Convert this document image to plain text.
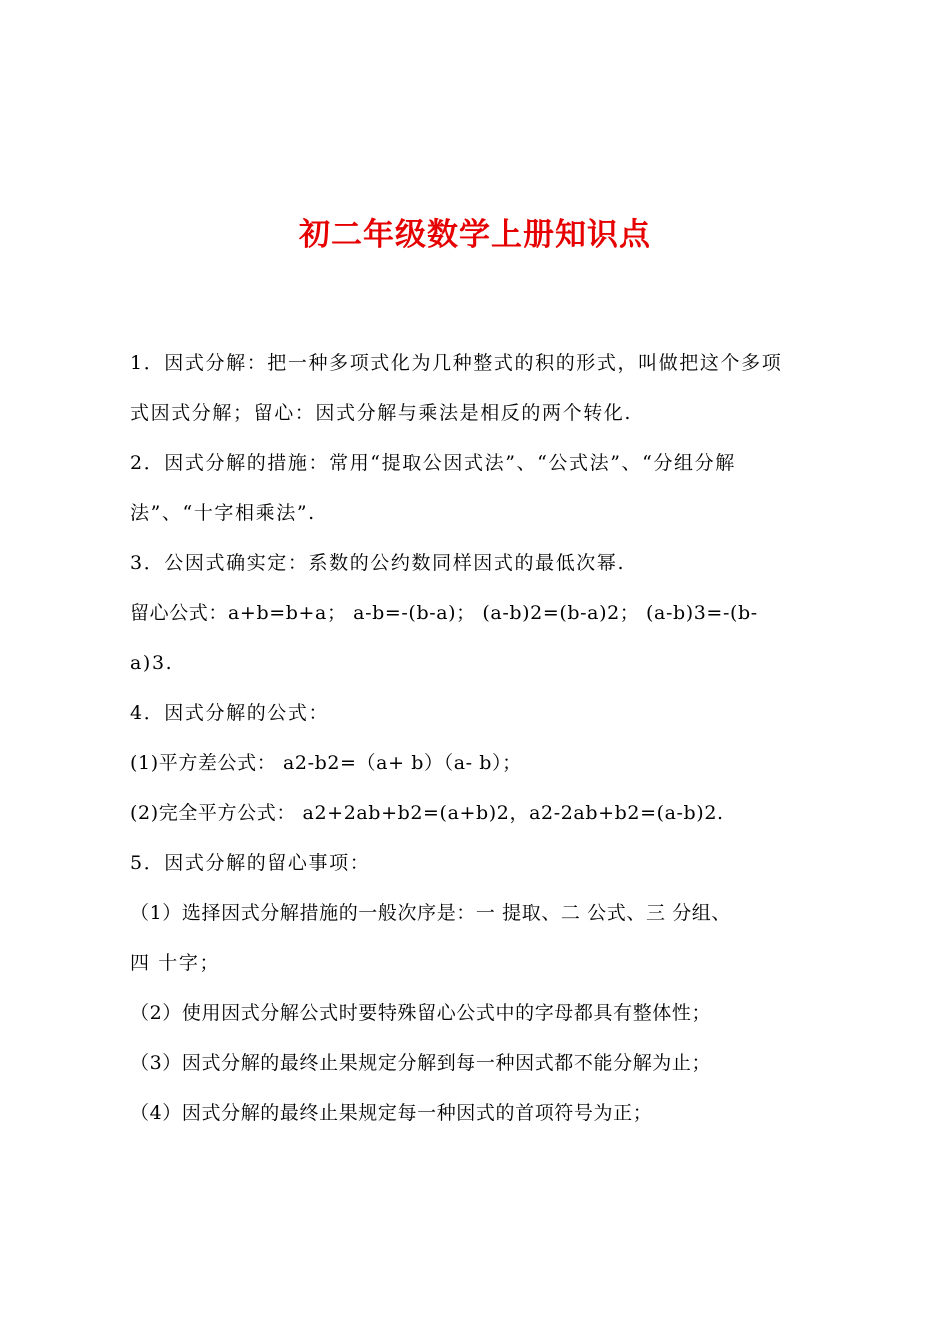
初二年级数学上册知识点
1．因式分解：把一种多项式化为几种整式的积的形式，叫做把这个多项
式因式分解；留心：因式分解与乘法是相反的两个转化.
2．因式分解的措施：常用“提取公因式法”、“公式法”、“分组分解
法”、“十字相乘法”.
3．公因式确实定：系数的公约数同样因式的最低次幂.
留心公式：a+b=b+a； a-b=-(b-a)； (a-b)2=(b-a)2； (a-b)3=-(b-
a)3.
4．因式分解的公式：
(1)平方差公式： a2-b2=（a+ b）（a- b）；
(2)完全平方公式： a2+2ab+b2=(a+b)2，a2-2ab+b2=(a-b)2.
5．因式分解的留心事项：
（1）选择因式分解措施的一般次序是：一 提取、二 公式、三 分组、
四 十字；
（2）使用因式分解公式时要特殊留心公式中的字母都具有整体性；
（3）因式分解的最终止果规定分解到每一种因式都不能分解为止；
（4）因式分解的最终止果规定每一种因式的首项符号为正；
